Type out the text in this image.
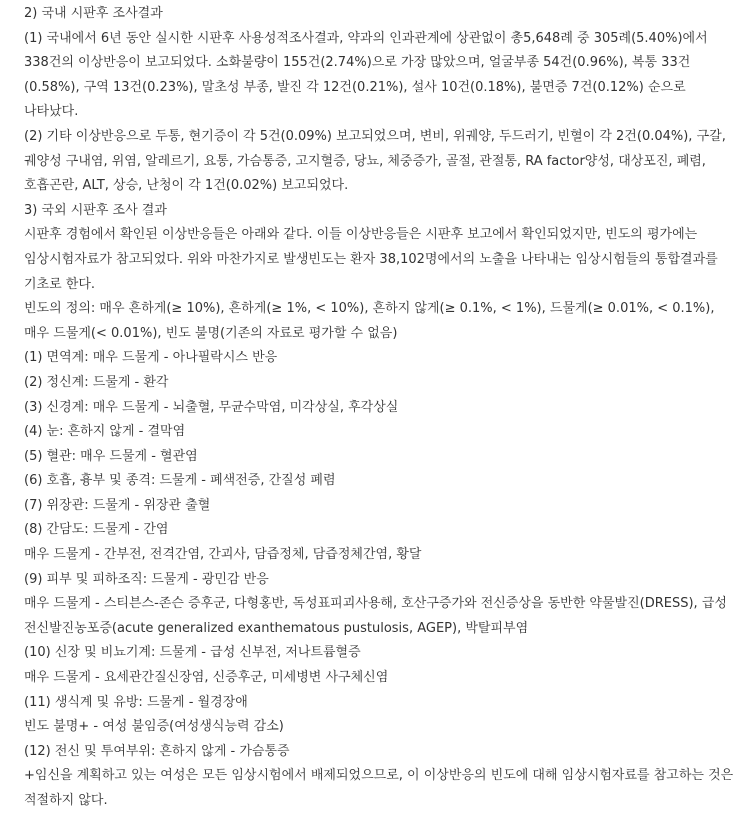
2) 국내 시판후 조사결과

(1) 국내에서 6년 동안 실시한 시판후 사용성적조사결과, 약과의 인과관계에 상관없이 총5,648례 중 305례(5.40%)에서 338건의 이상반응이 보고되었다. 소화불량이 155건(2.74%)으로 가장 많았으며, 얼굴부종 54건(0.96%), 복통 33건(0.58%), 구역 13건(0.23%), 말초성 부종, 발진 각 12건(0.21%), 설사 10건(0.18%), 불면증 7건(0.12%) 순으로 나타났다.

(2) 기타 이상반응으로 두통, 현기증이 각 5건(0.09%) 보고되었으며, 변비, 위궤양, 두드러기, 빈혈이 각 2건(0.04%), 구갈, 궤양성 구내염, 위염, 알레르기, 요통, 가슴통증, 고지혈증, 당뇨, 체중증가, 골절, 관절통, RA factor양성, 대상포진, 폐렴, 호흡곤란, ALT, 상승, 난청이 각 1건(0.02%) 보고되었다.

3) 국외 시판후 조사 결과

시판후 경험에서 확인된 이상반응들은 아래와 같다. 이들 이상반응들은 시판후 보고에서 확인되었지만, 빈도의 평가에는 임상시험자료가 참고되었다. 위와 마찬가지로 발생빈도는 환자 38,102명에서의 노출을 나타내는 임상시험들의 통합결과를 기초로 한다.

빈도의 정의: 매우 흔하게(≥ 10%), 흔하게(≥ 1%, < 10%), 흔하지 않게(≥ 0.1%, < 1%), 드물게(≥ 0.01%, < 0.1%), 매우 드물게(< 0.01%), 빈도 불명(기존의 자료로 평가할 수 없음)

(1) 면역계: 매우 드물게 - 아나필락시스 반응

(2) 정신계: 드물게 - 환각

(3) 신경계: 매우 드물게 - 뇌출혈, 무균수막염, 미각상실, 후각상실

(4) 눈: 흔하지 않게 - 결막염

(5) 혈관: 매우 드물게 - 혈관염

(6) 호흡, 흉부 및 종격: 드물게 - 폐색전증, 간질성 폐렴

(7) 위장관: 드물게 - 위장관 출혈

(8) 간담도: 드물게 - 간염

매우 드물게 - 간부전, 전격간염, 간괴사, 담즙정체, 담즙정체간염, 황달

(9) 피부 및 피하조직: 드물게 - 광민감 반응

매우 드물게 - 스티븐스-존슨 증후군, 다형홍반, 독성표피괴사용해, 호산구증가와 전신증상을 동반한 약물발진(DRESS), 급성 전신발진농포증(acute generalized exanthematous pustulosis, AGEP), 박탈피부염

(10) 신장 및 비뇨기계: 드물게 - 급성 신부전, 저나트륨혈증

매우 드물게 - 요세관간질신장염, 신증후군, 미세병변 사구체신염

(11) 생식계 및 유방: 드물게 - 월경장애

빈도 불명+ - 여성 불임증(여성생식능력 감소)

(12) 전신 및 투여부위: 흔하지 않게 - 가슴통증

+임신을 계획하고 있는 여성은 모든 임상시험에서 배제되었으므로, 이 이상반응의 빈도에 대해 임상시험자료를 참고하는 것은 적절하지 않다.
